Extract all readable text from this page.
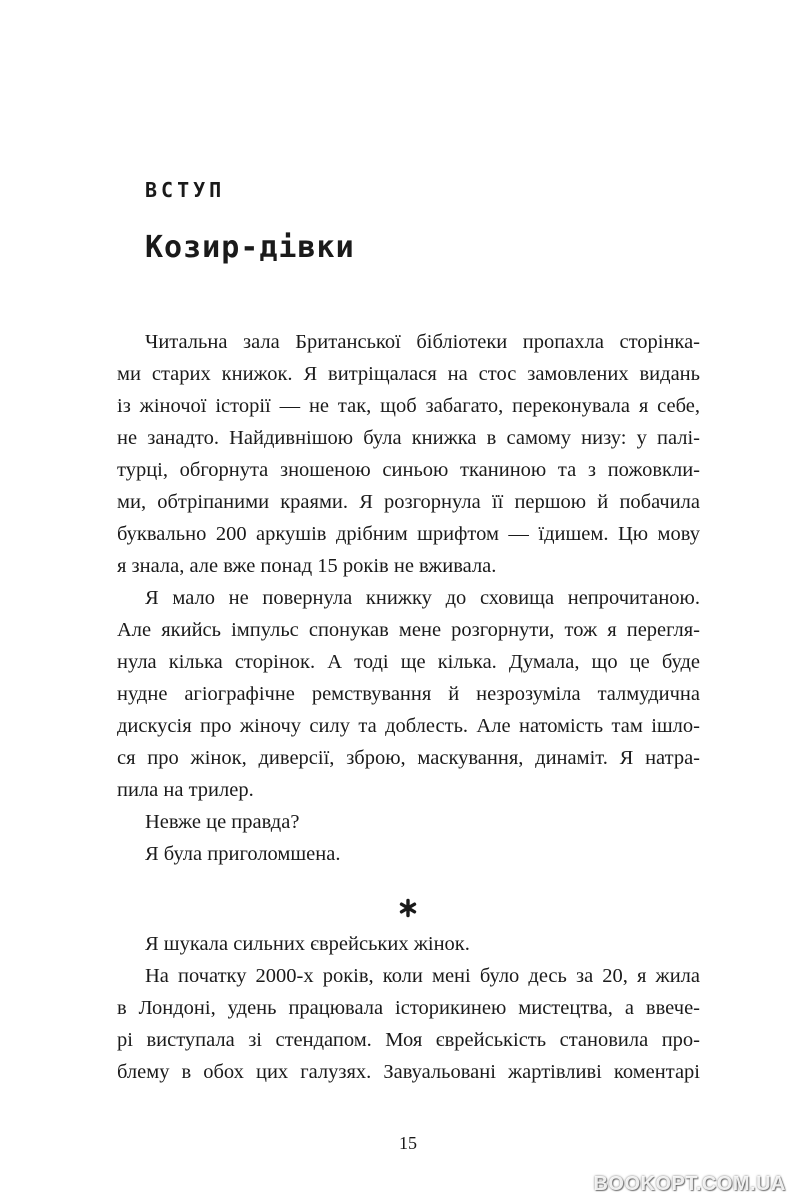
ВСТУП
Козир-дівки

Читальна зала Британської бібліотеки пропахла сторінка-

ми старих книжок. Я витріщалася на стос замовлених видань

із жіночої історії — не так, щоб забагато, переконувала я себе,

не занадто. Найдивнішою була книжка в самому низу: у палі-

турці, обгорнута зношеною синьою тканиною та з пожовкли-

ми, обтріпаними краями. Я розгорнула її першою й побачила

буквально 200 аркушів дрібним шрифтом — їдишем. Цю мову

я знала, але вже понад 15 років не вживала.

Я мало не повернула книжку до сховища непрочитаною.

Але якийсь імпульс спонукав мене розгорнути, тож я перегля-

нула кілька сторінок. А тоді ще кілька. Думала, що це буде

нудне агіографічне ремствування й незрозуміла талмудична

дискусія про жіночу силу та доблесть. Але натомість там ішло-

ся про жінок, диверсії, зброю, маскування, динаміт. Я натра-

пила на трилер.

Невже це правда?

Я була приголомшена.

Я шукала сильних єврейських жінок.

На початку 2000-х років, коли мені було десь за 20, я жила

в Лондоні, удень працювала історикинею мистецтва, а ввече-

рі виступала зі стендапом. Моя єврейськість становила про-

блему в обох цих галузях. Завуальовані жартівливі коментарі

15

BOOKOPT.COM.UA
